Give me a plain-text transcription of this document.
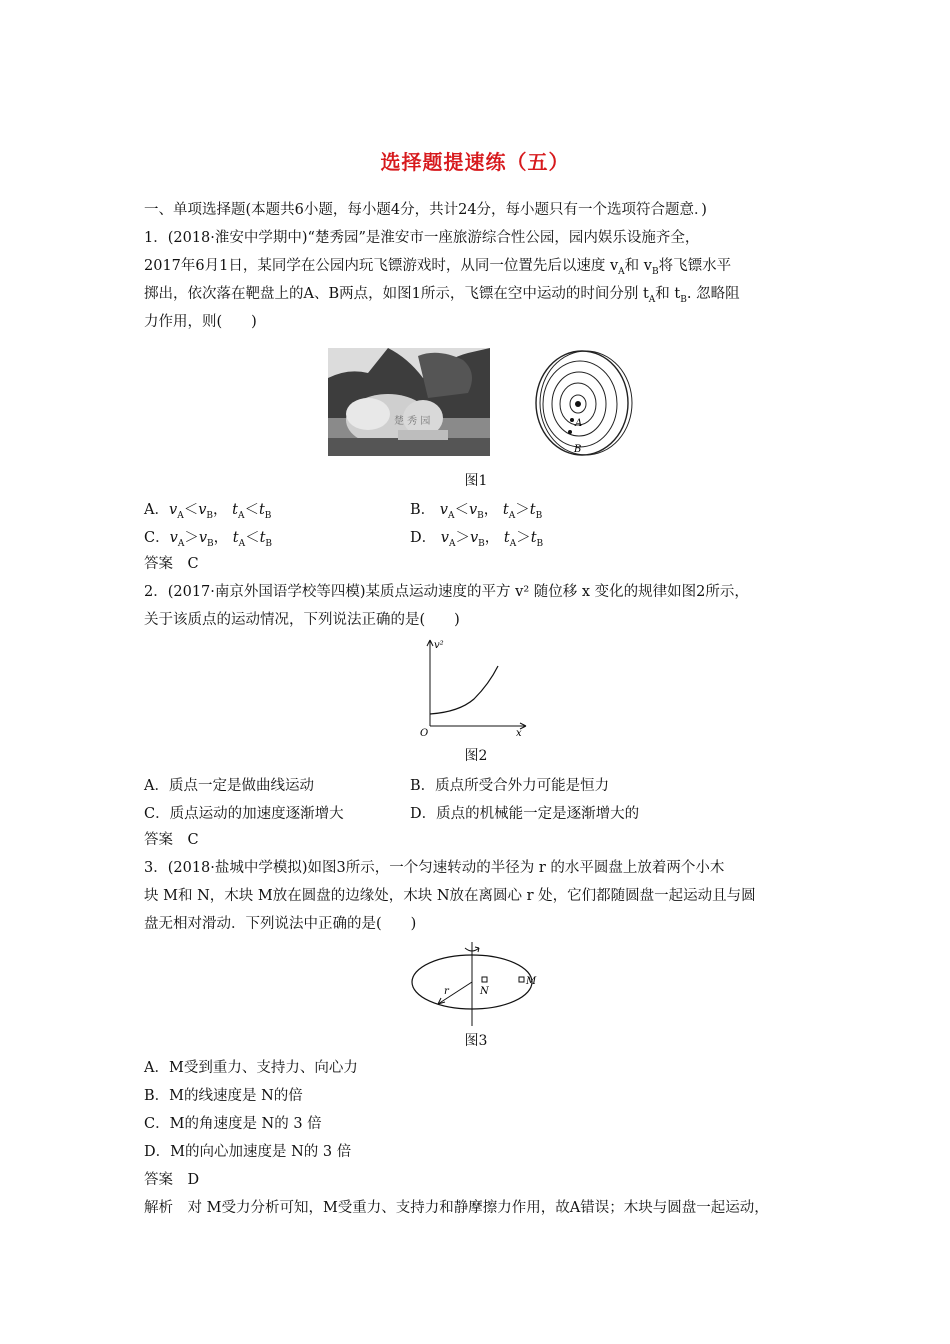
选择题提速练（五）
一、单项选择题(本题共6小题，每小题4分，共计24分，每小题只有一个选项符合题意．)
1．(2018·淮安中学期中)“楚秀园”是淮安市一座旅游综合性公园，园内娱乐设施齐全，
2017年6月1日，某同学在公园内玩飞镖游戏时，从同一位置先后以速度 $v_A$和 $v_B$将飞镖水平
掷出，依次落在靶盘上的A、B两点，如图1所示，飞镖在空中运动的时间分别 $t_A$和 $t_B$. 忽略阻
力作用，则(　　)
楚 秀 园	A
B
图1
A．$v_A<v_B$， $t_A<t_B$	B． $v_A<v_B$， $t_A>t_B$
C．$v_A>v_B$， $t_A<t_B$	D． $v_A>v_B$， $t_A>t_B$
答案　C
2．(2017·南京外国语学校等四模)某质点运动速度的平方 v² 随位移 x 变化的规律如图2所示，
关于该质点的运动情况，下列说法正确的是(　　)
v²
x
O
图2
A．质点一定是做曲线运动	B．质点所受合外力可能是恒力
C．质点运动的加速度逐渐增大	D．质点的机械能一定是逐渐增大的
答案　C
3．(2018·盐城中学模拟)如图3所示，一个匀速转动的半径为 r 的水平圆盘上放着两个小木
块 M和 N，木块 M放在圆盘的边缘处，木块 N放在离圆心 r 处，它们都随圆盘一起运动且与圆
盘无相对滑动．下列说法中正确的是(　　)
r	N
M
图3
A．M受到重力、支持力、向心力
B．M的线速度是 N的倍
C．M的角速度是 N的 3 倍
D．M的向心加速度是 N的 3 倍
答案　D
解析　对 M受力分析可知，M受重力、支持力和静摩擦力作用，故A错误；木块与圆盘一起运动，
